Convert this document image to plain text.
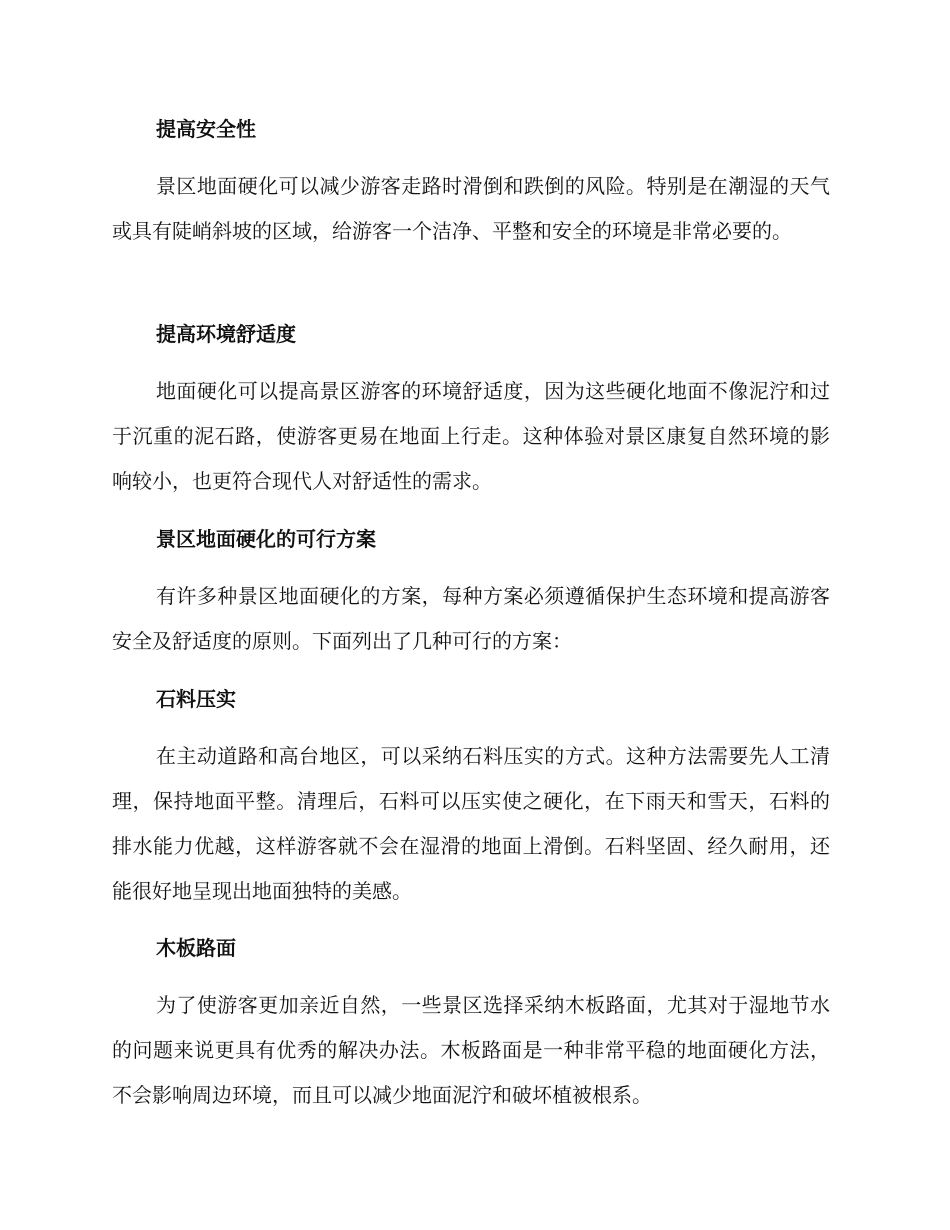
提高安全性

景区地面硬化可以减少游客走路时滑倒和跌倒的风险。特别是在潮湿的天气或具有陡峭斜坡的区域，给游客一个洁净、平整和安全的环境是非常必要的。

提高环境舒适度

地面硬化可以提高景区游客的环境舒适度，因为这些硬化地面不像泥泞和过于沉重的泥石路，使游客更易在地面上行走。这种体验对景区康复自然环境的影响较小，也更符合现代人对舒适性的需求。

景区地面硬化的可行方案

有许多种景区地面硬化的方案，每种方案必须遵循保护生态环境和提高游客安全及舒适度的原则。下面列出了几种可行的方案：

石料压实

在主动道路和高台地区，可以采纳石料压实的方式。这种方法需要先人工清理，保持地面平整。清理后，石料可以压实使之硬化，在下雨天和雪天，石料的排水能力优越，这样游客就不会在湿滑的地面上滑倒。石料坚固、经久耐用，还能很好地呈现出地面独特的美感。

木板路面

为了使游客更加亲近自然，一些景区选择采纳木板路面，尤其对于湿地节水的问题来说更具有优秀的解决办法。木板路面是一种非常平稳的地面硬化方法，不会影响周边环境，而且可以减少地面泥泞和破坏植被根系。
